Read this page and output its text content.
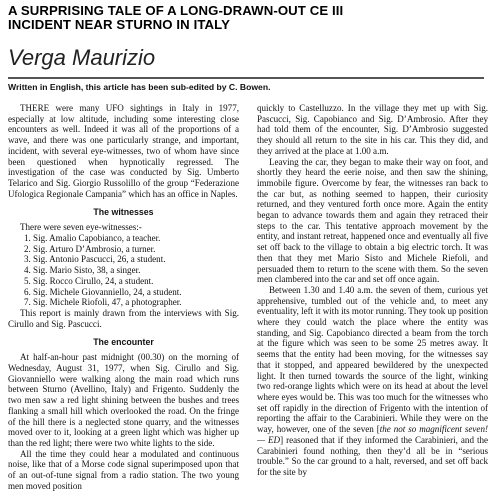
A SURPRISING TALE OF A LONG-DRAWN-OUT CE III
INCIDENT NEAR STURNO IN ITALY
Verga Maurizio
Written in English, this article has been sub-edited by C. Bowen.

THERE were many UFO sightings in Italy in 1977, especially at low altitude, including some interesting close encounters as well. Indeed it was all of the proportions of a wave, and there was one particularly strange, and important, incident, with several eye-witnesses, two of whom have since been questioned when hypnotically regressed. The investigation of the case was conducted by Sig. Umberto Telarico and Sig. Giorgio Russolillo of the group “Federazione Ufologica Regionale Campania” which has an office in Naples.

The witnesses

There were seven eye-witnesses:-

1. Sig. Amalio Capobianco, a teacher.
2. Sig. Arturo D’Ambrosio, a turner.
3. Sig. Antonio Pascucci, 26, a student.
4. Sig. Mario Sisto, 38, a singer.
5. Sig. Rocco Cirullo, 24, a student.
6. Sig. Michele Giovanniello, 24, a student.
7. Sig. Michele Riofoli, 47, a photographer.

This report is mainly drawn from the interviews with Sig. Cirullo and Sig. Pascucci.

The encounter

At half-an-hour past midnight (00.30) on the morning of Wednesday, August 31, 1977, when Sig. Cirullo and Sig. Giovanniello were walking along the main road which runs between Sturno (Avellino, Italy) and Frigento. Suddenly the two men saw a red light shining between the bushes and trees flanking a small hill which overlooked the road. On the fringe of the hill there is a neglected stone quarry, and the witnesses moved over to it, looking at a green light which was higher up than the red light; there were two white lights to the side.

All the time they could hear a modulated and continuous noise, like that of a Morse code signal superimposed upon that of an out-of-tune signal from a radio station. The two young men moved position

quickly to Castelluzzo. In the village they met up with Sig. Pascucci, Sig. Capobianco and Sig. D’Ambrosio. After they had told them of the encounter, Sig. D’Ambrosio suggested they should all return to the site in his car. This they did, and they arrived at the place at 1.00 a.m.

Leaving the car, they began to make their way on foot, and shortly they heard the eerie noise, and then saw the shining, immobile figure. Overcome by fear, the witnesses ran back to the car but, as nothing seemed to happen, their curiosity returned, and they ventured forth once more. Again the entity began to advance towards them and again they retraced their steps to the car. This tentative approach movement by the entity, and instant retreat, happened once and eventually all five set off back to the village to obtain a big electric torch. It was then that they met Mario Sisto and Michele Riefoli, and persuaded them to return to the scene with them. So the seven men clambered into the car and set off once again.

Between 1.30 and 1.40 a.m. the seven of them, curious yet apprehensive, tumbled out of the vehicle and, to meet any eventuality, left it with its motor running. They took up position where they could watch the place where the entity was standing, and Sig. Capobianco directed a beam from the torch at the figure which was seen to be some 25 metres away. It seems that the entity had been moving, for the witnesses say that it stopped, and appeared bewildered by the unexpected light. It then turned towards the source of the light, winking two red-orange lights which were on its head at about the level where eyes would be. This was too much for the witnesses who set off rapidly in the direction of Frigento with the intention of reporting the affair to the Carabinieri. While they were on the way, however, one of the seven [the not so magnificent seven! — ED] reasoned that if they informed the Carabinieri, and the Carabinieri found nothing, then they’d all be in “serious trouble.” So the car ground to a halt, reversed, and set off back for the site by
